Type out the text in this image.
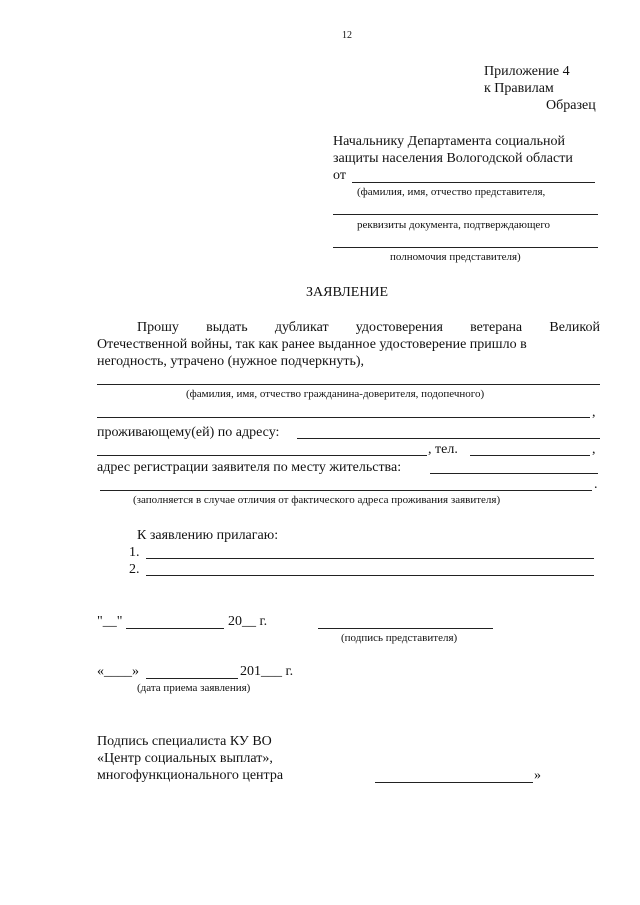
12
Приложение 4
к Правилам
Образец
Начальнику Департамента социальной
защиты населения Вологодской области
от
(фамилия, имя, отчество представителя,
реквизиты документа, подтверждающего
полномочия представителя)
ЗАЯВЛЕНИЕ
Прошу выдать дубликат удостоверения ветерана Великой
Отечественной войны, так как ранее выданное удостоверение пришло в
негодность, утрачено (нужное подчеркнуть),
(фамилия, имя, отчество гражданина-доверителя, подопечного)
,
проживающему(ей) по адресу:
, тел.	,
адрес регистрации заявителя по месту жительства:
.
(заполняется в случае отличия от фактического адреса проживания заявителя)
К заявлению прилагаю:
1.
2.
"__"	20__ г.
(подпись представителя)
«____»	201___ г.
(дата приема заявления)
Подпись специалиста КУ ВО
«Центр социальных выплат»,
многофункционального центра	»
